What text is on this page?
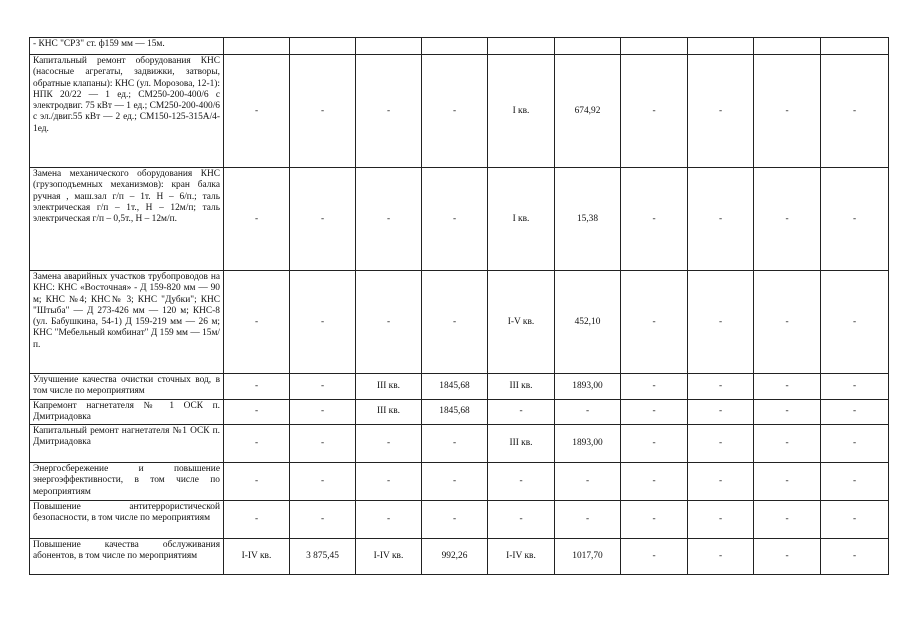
- КНС "СРЗ" ст. ф159 мм — 15м.										
Капитальный ремонт оборудования КНС (насосные агрегаты, задвижки, затворы, обратные клапаны): КНС (ул. Морозова, 12-1): НПК 20/22 — 1 ед.; СМ250-200-400/6 с электродвиг. 75 кВт — 1 ед.; СМ250-200-400/6 с эл./двиг.55 кВт — 2 ед.; СМ150-125-315А/4-1ед.	-	-	-	-	I кв.	674,92	-	-	-	-
Замена механического оборудования КНС (грузоподъемных механизмов): кран балка ручная , маш.зал г/п – 1т. Н – 6/п.; таль электрическая г/п – 1т., Н – 12м/п; таль электрическая г/п – 0,5т., Н – 12м/п.	-	-	-	-	I кв.	15,38	-	-	-	-
Замена аварийных участков трубопроводов на КНС: КНС «Восточная» - Д 159-820 мм — 90 м; КНС №4; КНС№ 3; КНС "Дубки"; КНС "Штыба" — Д 273-426 мм — 120 м; КНС-8 (ул. Бабушкина, 54-1) Д 159-219 мм — 26 м; КНС "Мебельный комбинат" Д 159 мм — 15м/п.	-	-	-	-	I-V кв.	452,10	-	-	-	-
Улучшение качества очистки сточных вод, в том числе по мероприятиям	-	-	III кв.	1845,68	III кв.	1893,00	-	-	-	-
Капремонт нагнетателя № 1 ОСК п. Дмитриадовка	-	-	III кв.	1845,68	-	-	-	-	-	-
Капитальный ремонт нагнетателя №1 ОСК п. Дмитриадовка	-	-	-	-	III кв.	1893,00	-	-	-	-
Энергосбережение и повышение энергоэффективности, в том числе по мероприятиям	-	-	-	-	-	-	-	-	-	-
Повышение антитеррористической безопасности, в том числе по мероприятиям	-	-	-	-	-	-	-	-	-	-
Повышение качества обслуживания абонентов, в том числе по мероприятиям	I-IV кв.	3 875,45	I-IV кв.	992,26	I-IV кв.	1017,70	-	-	-	-
